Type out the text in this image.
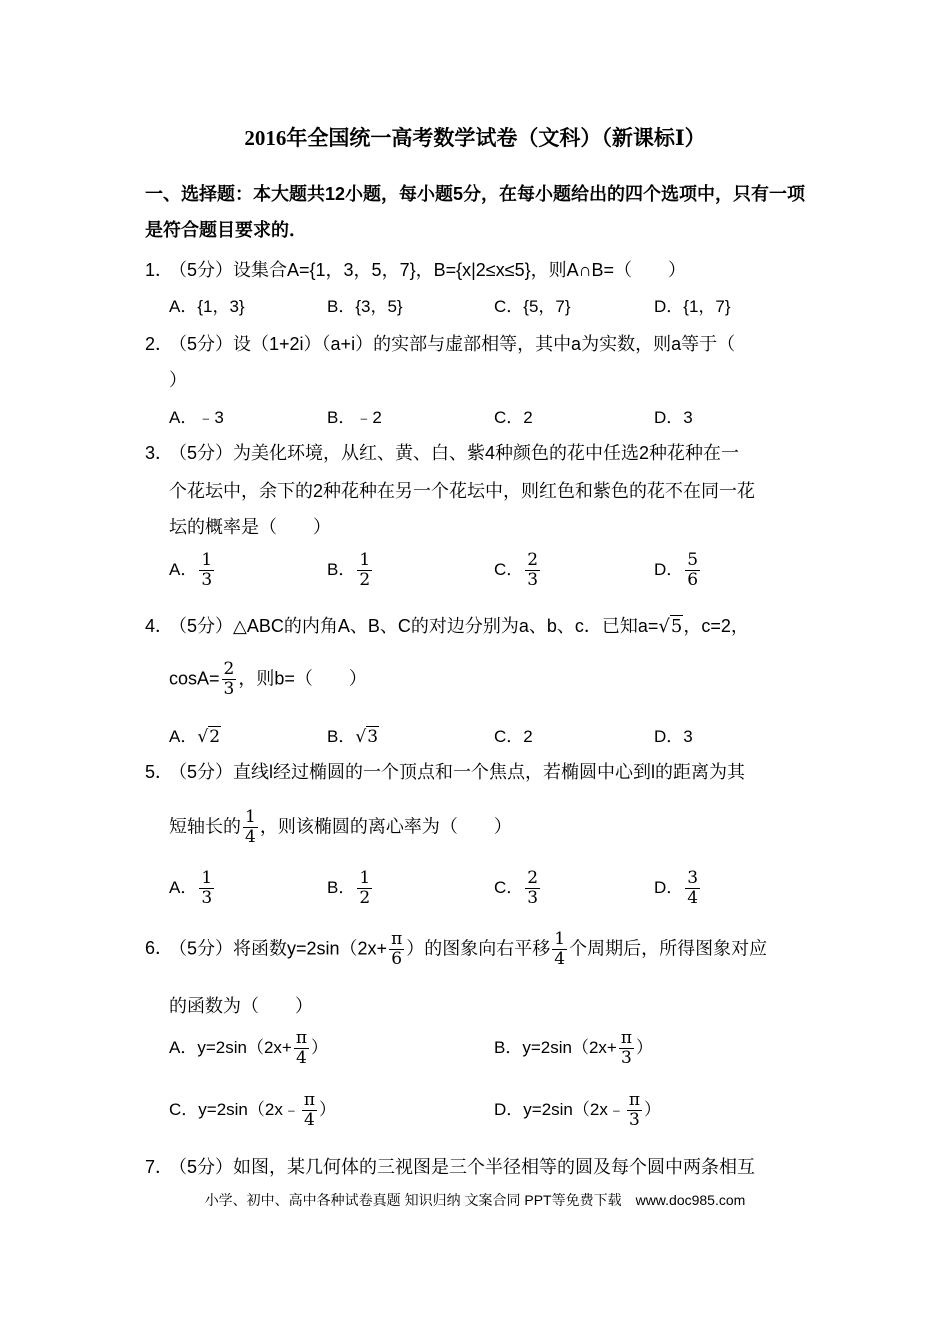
2016年全国统一高考数学试卷（文科）（新课标Ⅰ）
一、选择题：本大题共12小题，每小题5分，在每小题给出的四个选项中，只有一项是符合题目要求的．
1．（5分）设集合A={1，3，5，7}，B={x|2≤x≤5}，则A∩B=（　　）
A．{1，3}	B．{3，5}	C．{5，7}	D．{1，7}
2．（5分）设（1+2i）（a+i）的实部与虚部相等，其中a为实数，则a等于（
）
A．﹣3	B．﹣2	C．2	D．3
3．（5分）为美化环境，从红、黄、白、紫4种颜色的花中任选2种花种在一
个花坛中，余下的2种花种在另一个花坛中，则红色和紫色的花不在同一花
坛的概率是（　　）
A． $\frac{1}{3}$	B． $\frac{1}{2}$	C． $\frac{2}{3}$	D． $\frac{5}{6}$
4．（5分）△ABC的内角A、B、C的对边分别为a、b、c．已知a=√5，c=2，
$\cos A= \frac{2}{3}$ ，则b=（　　）
A．√2	B．√3	C．2	D．3
5．（5分）直线l经过椭圆的一个顶点和一个焦点，若椭圆中心到l的距离为其
短轴长的 $\frac{1}{4}$ ，则该椭圆的离心率为（　　）
A． $\frac{1}{3}$	B． $\frac{1}{2}$	C． $\frac{2}{3}$	D． $\frac{3}{4}$
6．（5分）将函数$y=2\sin(2x+ \frac{\pi}{6}$ ）的图象向右平移 $\frac{1}{4}$ 个周期后，所得图象对应
的函数为（　　）
A．$y=2\sin(2x+ \frac{\pi}{4}$ ）	B．$y=2\sin(2x+ \frac{\pi}{3}$ ）
C．y=2sin（2x﹣ $\frac{\pi}{4}$ ）	D．y=2sin（2x﹣ $\frac{\pi}{3}$ ）
7．（5分）如图，某几何体的三视图是三个半径相等的圆及每个圆中两条相互
小学、初中、高中各种试卷真题 知识归纳 文案合同 PPT等免费下载　www.doc985.com
